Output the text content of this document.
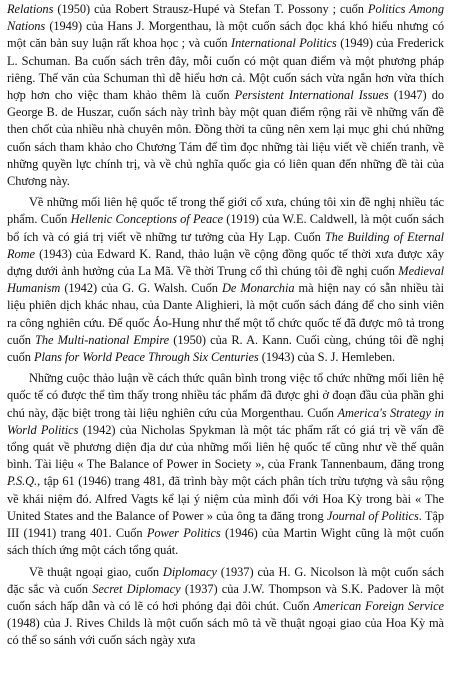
Relations (1950) của Robert Strausz-Hupé và Stefan T. Possony ; cuốn Politics Among Nations (1949) của Hans J. Morgenthau, là một cuốn sách đọc khá khó hiểu nhưng có một căn bản suy luận rất khoa học ; và cuốn International Politics (1949) của Frederick L. Schuman. Ba cuốn sách trên đây, mỗi cuốn có một quan điểm và một phương pháp riêng. Thế văn của Schuman thì dễ hiểu hơn cả. Một cuốn sách vừa ngắn hơn vừa thích hợp hơn cho việc tham khảo thêm là cuốn Persistent International Issues (1947) do George B. de Huszar, cuốn sách này trình bày một quan điểm rộng rãi về những vấn đề then chốt của nhiều nhà chuyên môn. Đồng thời ta cũng nên xem lại mục ghi chú những cuốn sách tham khảo cho Chương Tám để tìm đọc những tài liệu viết về chiến tranh, về những quyền lực chính trị, và về chủ nghĩa quốc gia có liên quan đến những đề tài của Chương này.

Về những mối liên hệ quốc tế trong thế giới cổ xưa, chúng tôi xin đề nghị nhiều tác phẩm. Cuốn Hellenic Conceptions of Peace (1919) của W.E. Caldwell, là một cuốn sách bổ ích và có giá trị viết về những tư tưởng của Hy Lạp. Cuốn The Building of Eternal Rome (1943) của Edward K. Rand, thảo luận về cộng đồng quốc tế thời xưa được xây dựng dưới ảnh hưởng của La Mã. Về thời Trung cổ thì chúng tôi đề nghị cuốn Medieval Humanism (1942) của G. G. Walsh. Cuốn De Monarchia mà hiện nay có sẵn nhiều tài liệu phiên dịch khác nhau, của Dante Alighieri, là một cuốn sách đáng để cho sinh viên ra công nghiên cứu. Để quốc Áo-Hung như thế một tổ chức quốc tế đã được mô tả trong cuốn The Multi-national Empire (1950) của R. A. Kann. Cuối cùng, chúng tôi đề nghị cuốn Plans for World Peace Through Six Centuries (1943) của S. J. Hemleben.

Những cuộc thảo luận về cách thức quân bình trong việc tổ chức những mối liên hệ quốc tế có được thể tìm thấy trong nhiều tác phẩm đã được ghi ở đoạn đầu của phần ghi chú này, đặc biệt trong tài liệu nghiên cứu của Morgenthau. Cuốn America's Strategy in World Politics (1942) của Nicholas Spykman là một tác phẩm rất có giá trị về vấn đề tổng quát về phương diện địa dư của những mối liên hệ quốc tế cũng như về thế quân bình. Tài liệu « The Balance of Power in Society », của Frank Tannenbaum, đăng trong P.S.Q., tập 61 (1946) trang 481, đã trình bày một cách phân tích trừu tượng và sâu rộng về khái niệm đó. Alfred Vagts kể lại ý niệm của mình đối với Hoa Kỳ trong bài « The United States and the Balance of Power » của ông ta đăng trong Journal of Politics. Tập III (1941) trang 401. Cuốn Power Politics (1946) của Martin Wight cũng là một cuốn sách thích ứng một cách tổng quát.

Về thuật ngoại giao, cuốn Diplomacy (1937) của H. G. Nicolson là một cuốn sách đặc sắc và cuốn Secret Diplomacy (1937) của J.W. Thompson và S.K. Padover là một cuốn sách hấp dẫn và có lẽ có hơi phóng đại đôi chút. Cuốn American Foreign Service (1948) của J. Rives Childs là một cuốn sách mô tả về thuật ngoại giao của Hoa Kỳ mà có thể so sánh với cuốn sách ngày xưa
